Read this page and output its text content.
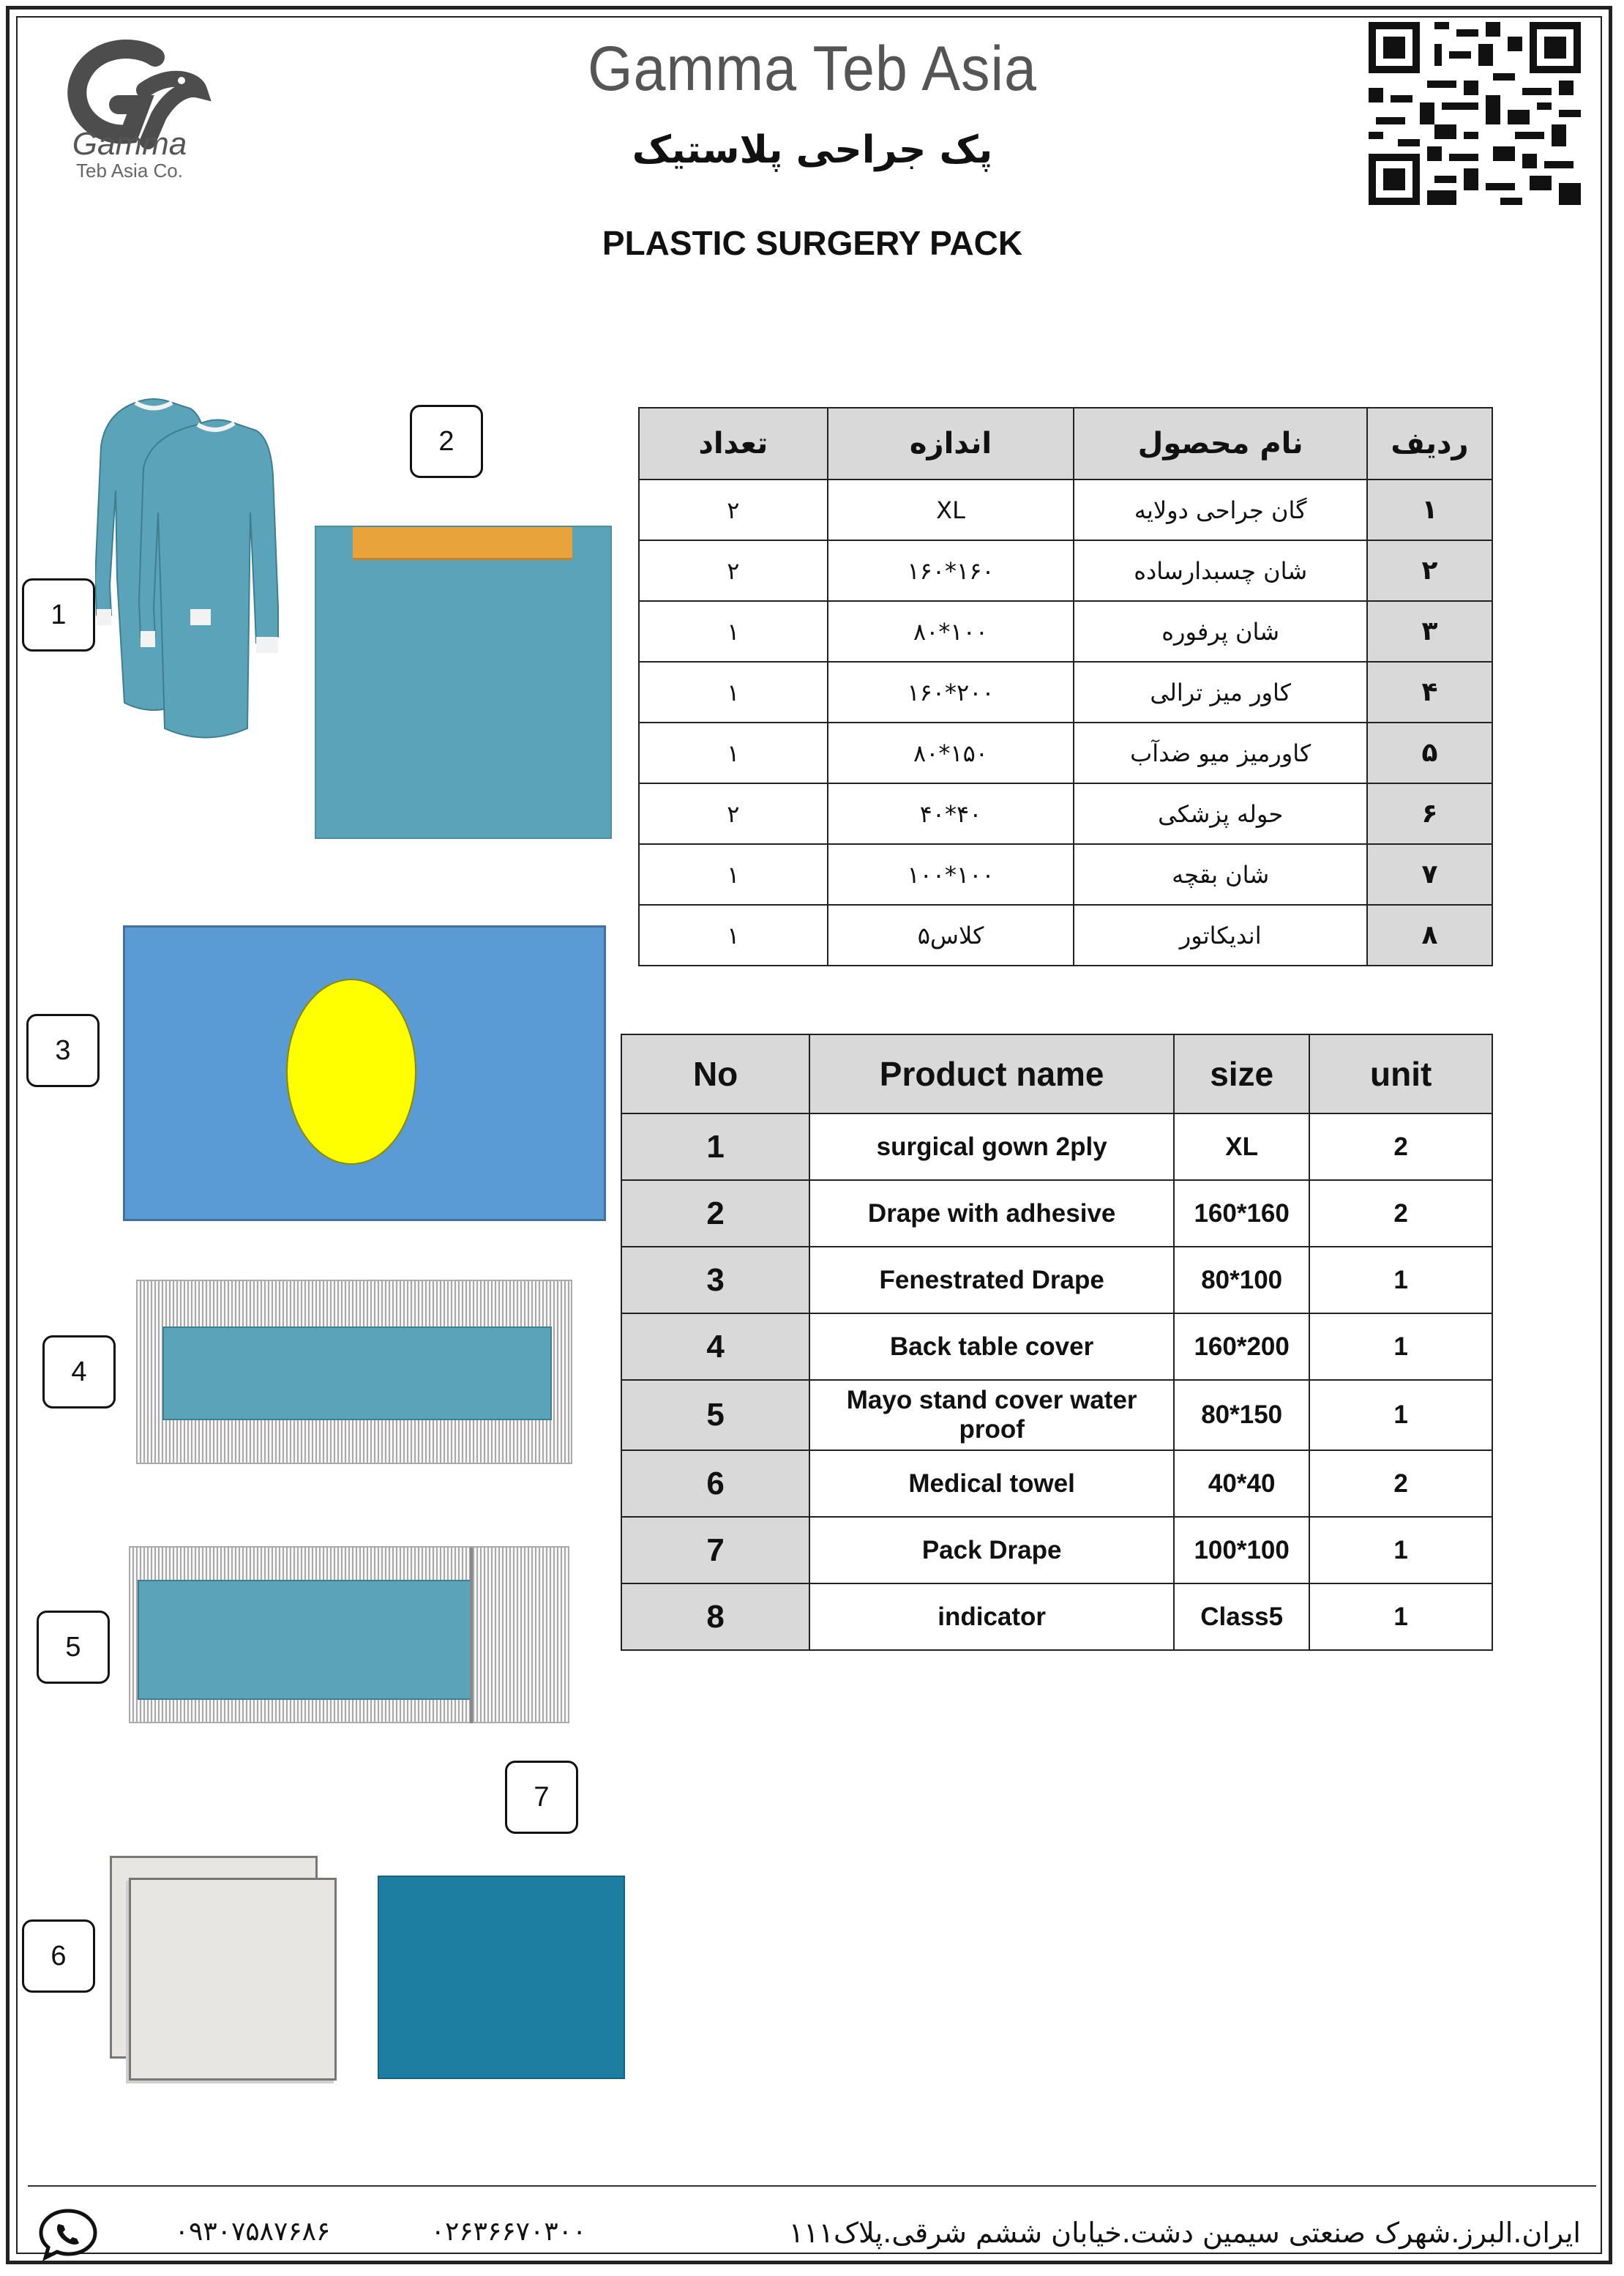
Gamma
Teb Asia Co.
Gamma Teb Asia
پک جراحی پلاستیک
PLASTIC SURGERY PACK
1
2
3
4
5
6
7
ردیف	نام محصول	اندازه	تعداد
۱	گان جراحی دولایه	XL	۲
۲	شان چسبدارساده	۱۶۰*۱۶۰	۲
۳	شان پرفوره	۱۰۰*۸۰	۱
۴	کاور میز ترالی	۲۰۰*۱۶۰	۱
۵	کاورمیز میو ضدآب	۱۵۰*۸۰	۱
۶	حوله پزشکی	۴۰*۴۰	۲
۷	شان بقچه	۱۰۰*۱۰۰	۱
۸	اندیکاتور	کلاس۵	۱
No	Product name	size	unit
1	surgical gown 2ply	XL	2
2	Drape with adhesive	160*160	2
3	Fenestrated Drape	80*100	1
4	Back table cover	160*200	1
5	Mayo stand cover water proof	80*150	1
6	Medical towel	40*40	2
7	Pack Drape	100*100	1
8	indicator	Class5	1
۰۹۳۰۷۵۸۷۶۸۶	۰۲۶۳۶۶۷۰۳۰۰	ایران.البرز.شهرک صنعتی سیمین دشت.خیابان ششم شرقی.پلاک۱۱۱
